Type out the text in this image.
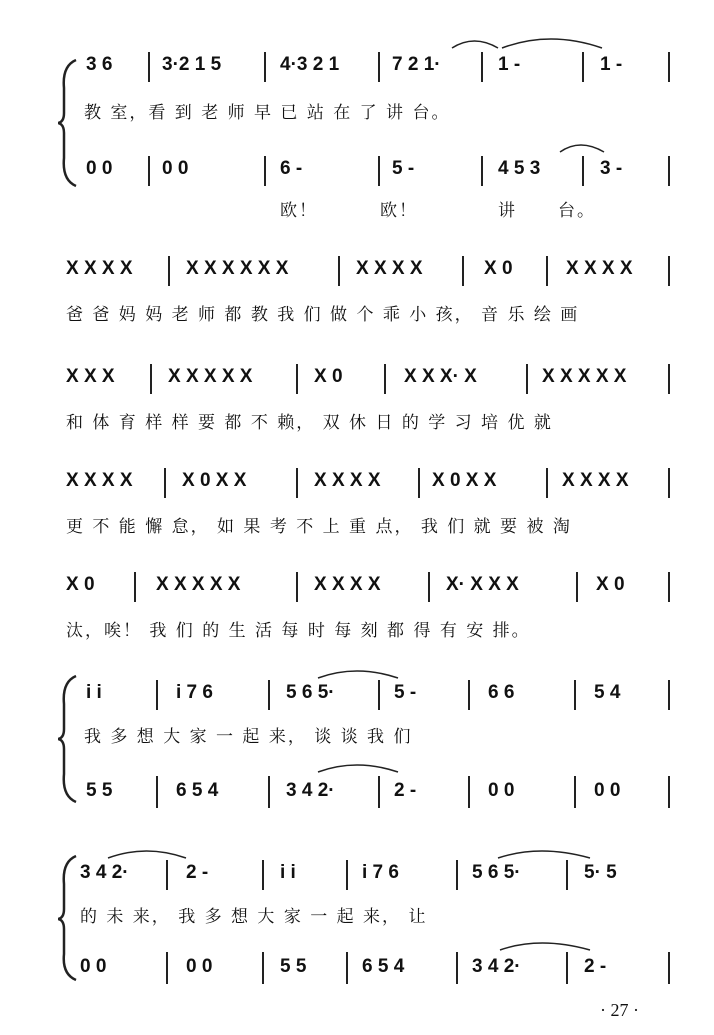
3 6	3·2 1 5	4·3 2 1	7 2 1·	1 -	1 -
教 室，看 到 老 师 早 已 站 在 了 讲 台。
0 0	0 0	6 -	5 -	4 5 3	3 -
欧！	欧！	讲 台。
X X X X	X X X X X X	X X X X	X 0	X X X X
爸 爸 妈 妈 老 师 都 教 我 们 做 个 乖 小 孩， 音 乐 绘 画
X X X	X X X X X	X 0	X X X· X	X X X X X
和 体 育 样 样 要 都 不 赖， 双 休 日 的 学 习 培 优 就
X X X X	X 0 X X	X X X X	X 0 X X	X X X X
更 不 能 懈 怠， 如 果 考 不 上 重 点， 我 们 就 要 被 淘
X 0	X X X X X	X X X X	X· X X X	X 0
汰，唉！ 我 们 的 生 活 每 时 每 刻 都 得 有 安 排。
i i	i 7 6	5 6 5·	5 -	6 6	5 4
我 多 想 大 家 一 起 来， 谈 谈 我 们
5 5	6 5 4	3 4 2·	2 -	0 0	0 0
3 4 2·	2 -	i i	i 7 6	5 6 5·	5· 5
的 未 来， 我 多 想 大 家 一 起 来， 让
0 0	0 0	5 5	6 5 4	3 4 2·	2 -
· 27 ·
